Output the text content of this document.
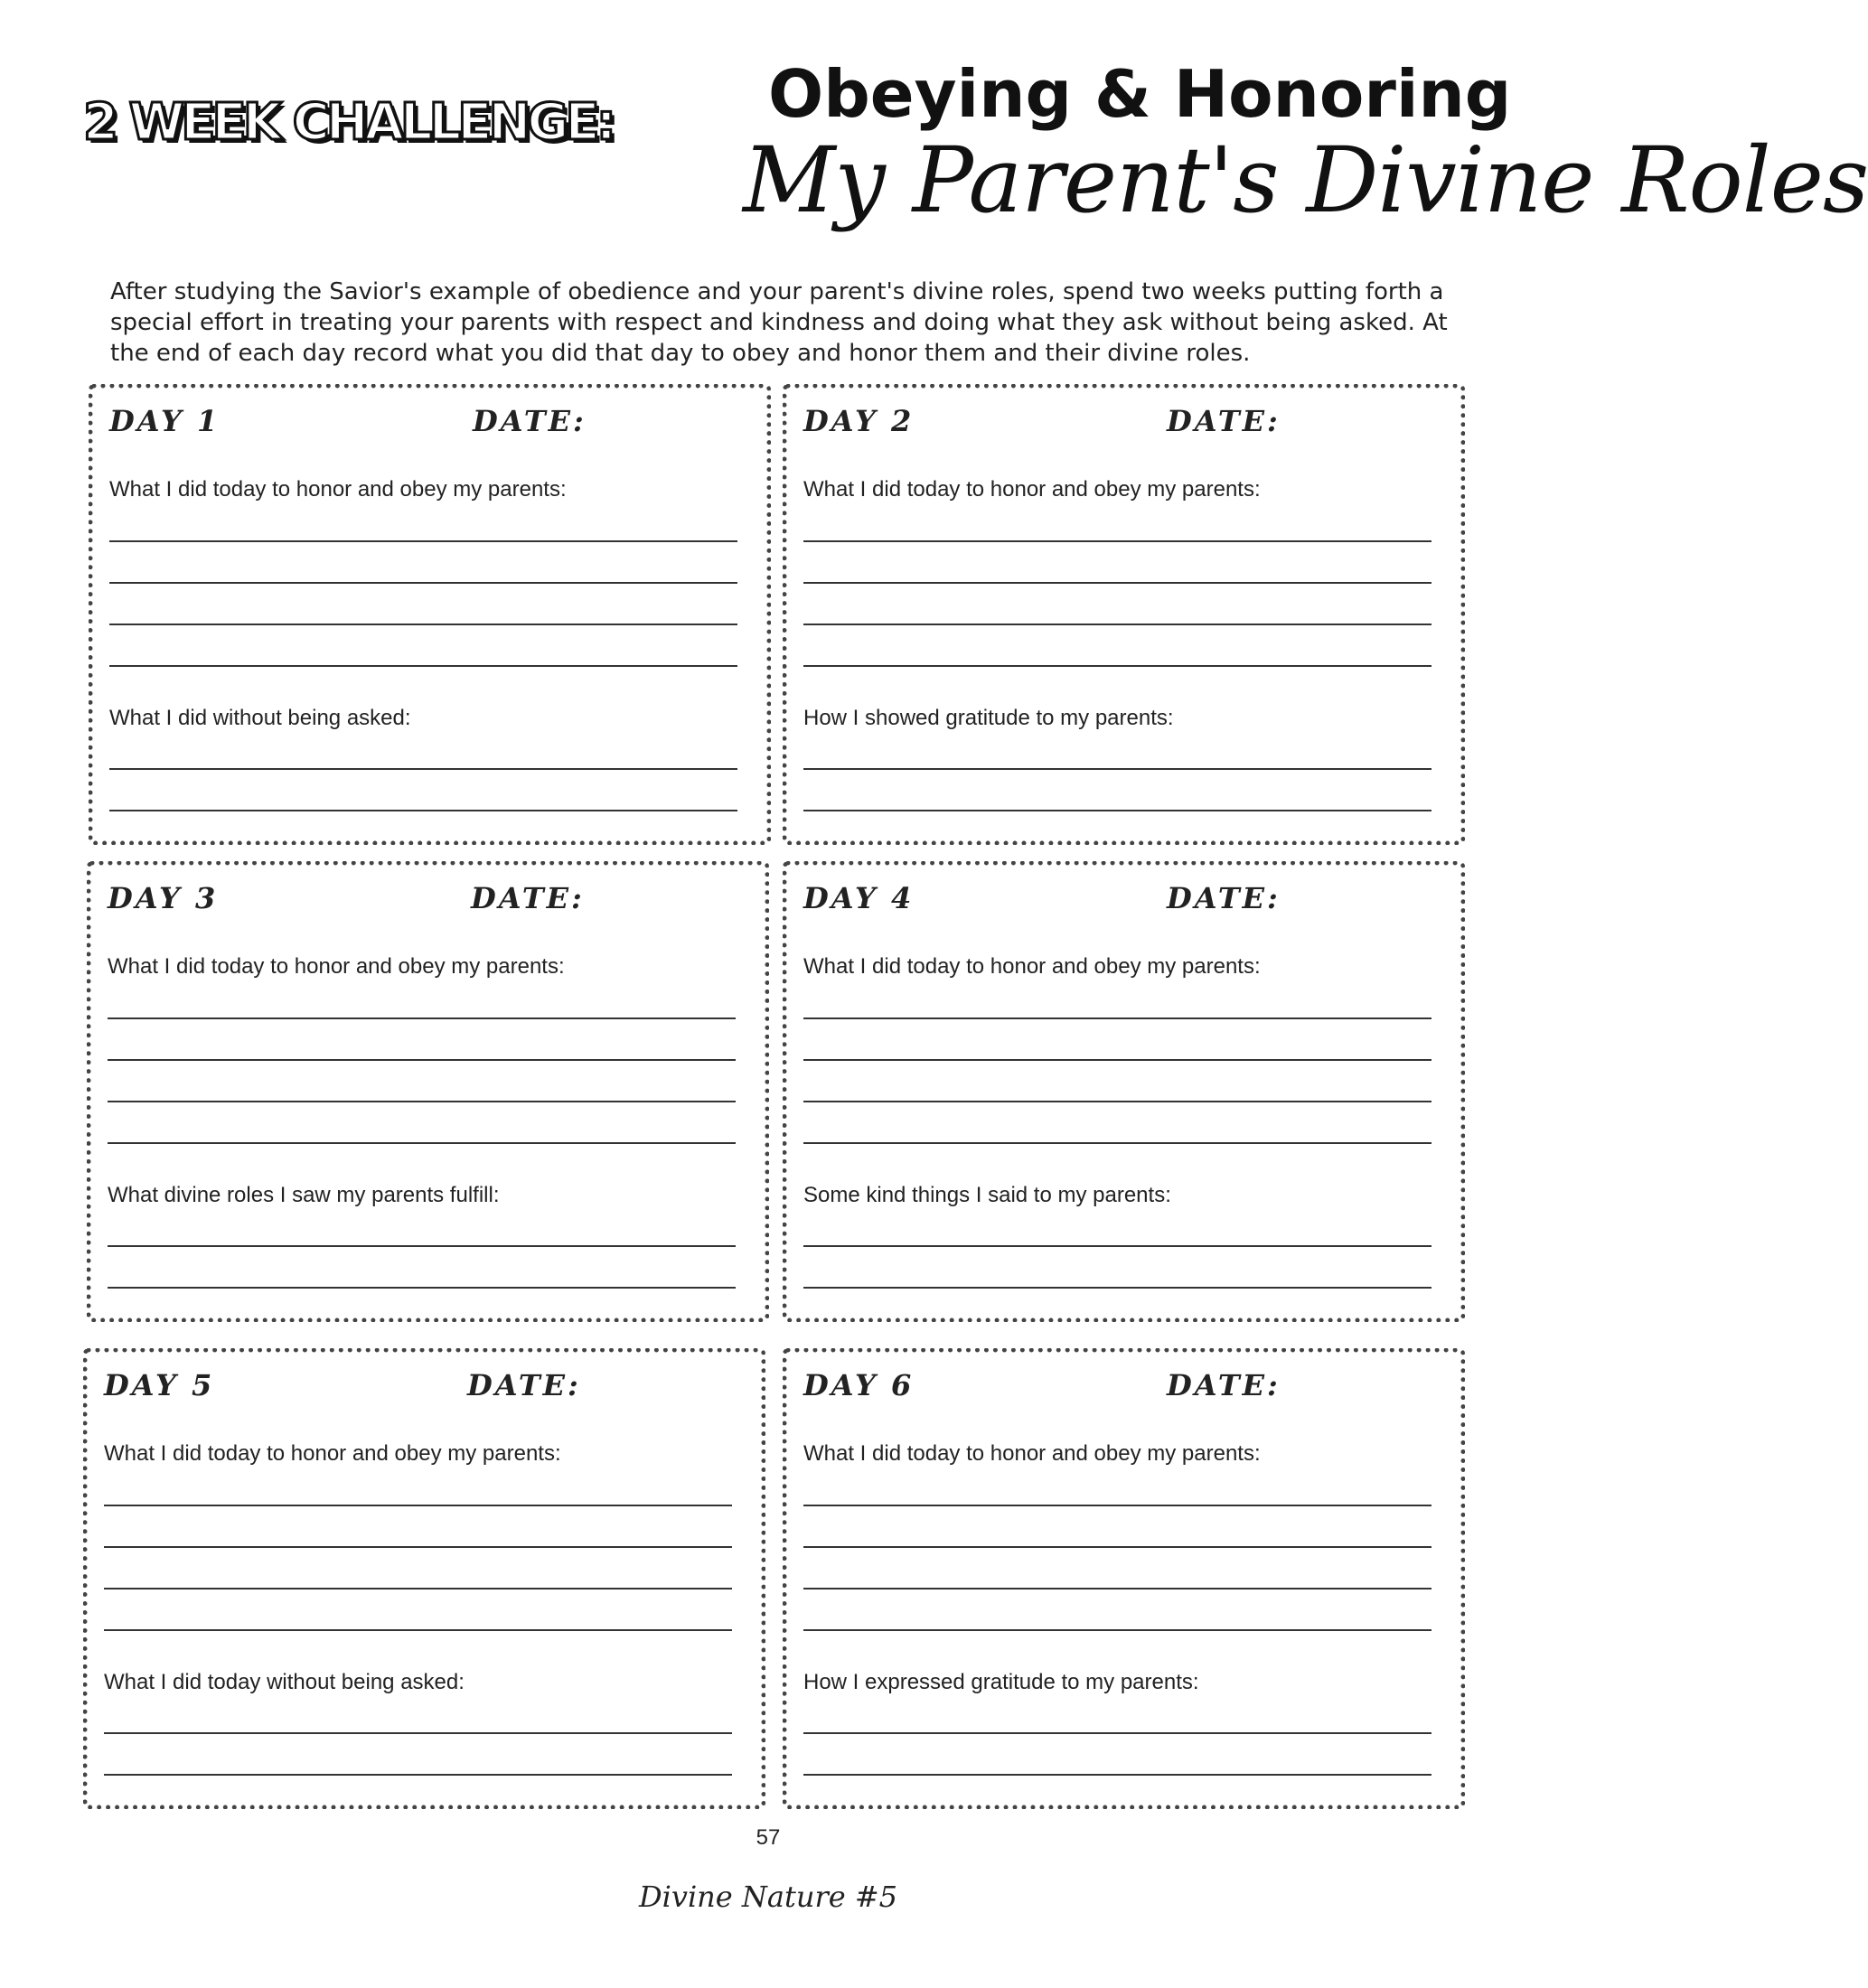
2 WEEK CHALLENGE: Obeying & Honoring
My Parent's Divine Roles

After studying the Savior's example of obedience and your parent's divine roles, spend two weeks putting forth a special effort in treating your parents with respect and kindness and doing what they ask without being asked. At the end of each day record what you did that day to obey and honor them and their divine roles.

DAY 1	DATE:
What I did today to honor and obey my parents:
What I did without being asked:
DAY 2	DATE:
What I did today to honor and obey my parents:
How I showed gratitude to my parents:
DAY 3	DATE:
What I did today to honor and obey my parents:
What divine roles I saw my parents fulfill:
DAY 4	DATE:
What I did today to honor and obey my parents:
Some kind things I said to my parents:
DAY 5	DATE:
What I did today to honor and obey my parents:
What I did today without being asked:
DAY 6	DATE:
What I did today to honor and obey my parents:
How I expressed gratitude to my parents:
57
Divine Nature #5
